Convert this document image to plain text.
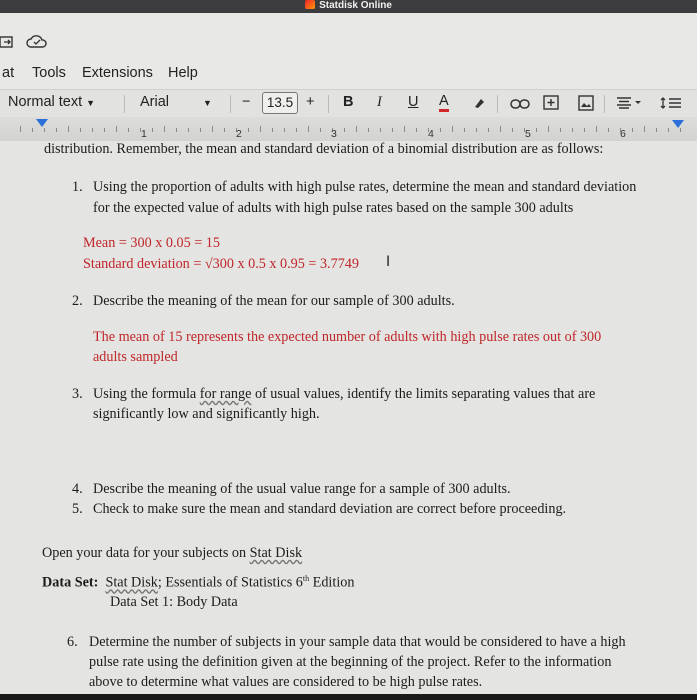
Statdisk Online
at Tools Extensions Help
Normal text ▼	Arial	▼ −	13.5 + B I U A
1	2	3	4	5	6
distribution. Remember, the mean and standard deviation of a binomial distribution are as follows:
1. Using the proportion of adults with high pulse rates, determine the mean and standard deviation
for the expected value of adults with high pulse rates based on the sample 300 adults
Mean = 300 x 0.05 = 15
Standard deviation = √300 x 0.5 x 0.95 = 3.7749 I
2. Describe the meaning of the mean for our sample of 300 adults.
The mean of 15 represents the expected number of adults with high pulse rates out of 300
adults sampled
3. Using the formula for range of usual values, identify the limits separating values that are
significantly low and significantly high.
4. Describe the meaning of the usual value range for a sample of 300 adults.
5. Check to make sure the mean and standard deviation are correct before proceeding.
Open your data for your subjects on Stat Disk
Data Set: Stat Disk; Essentials of Statistics 6th Edition
Data Set 1: Body Data
6. Determine the number of subjects in your sample data that would be considered to have a high
pulse rate using the definition given at the beginning of the project. Refer to the information
above to determine what values are considered to be high pulse rates.
